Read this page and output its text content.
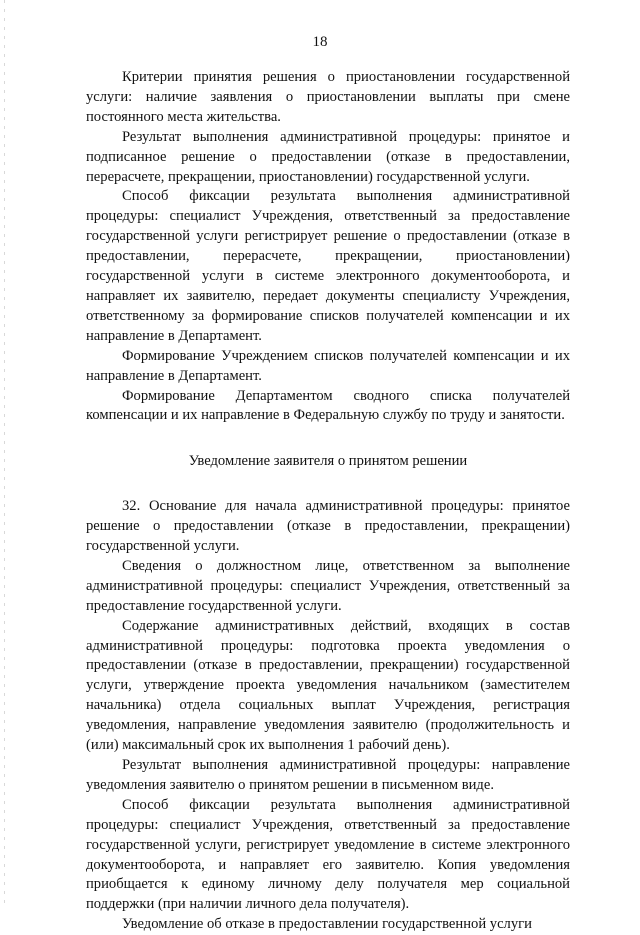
18

Критерии принятия решения о приостановлении государственной услуги: наличие заявления о приостановлении выплаты при смене постоянного места жительства.

Результат выполнения административной процедуры: принятое и подписанное решение о предоставлении (отказе в предоставлении, перерасчете, прекращении, приостановлении) государственной услуги.

Способ фиксации результата выполнения административной процедуры: специалист Учреждения, ответственный за предоставление государственной услуги регистрирует решение о предоставлении (отказе в предоставлении, перерасчете, прекращении, приостановлении) государственной услуги в системе электронного документооборота, и направляет их заявителю, передает документы специалисту Учреждения, ответственному за формирование списков получателей компенсации и их направление в Департамент.

Формирование Учреждением списков получателей компенсации и их направление в Департамент.

Формирование Департаментом сводного списка получателей компенсации и их направление в Федеральную службу по труду и занятости.

Уведомление заявителя о принятом решении

32. Основание для начала административной процедуры: принятое решение о предоставлении (отказе в предоставлении, прекращении) государственной услуги.

Сведения о должностном лице, ответственном за выполнение административной процедуры: специалист Учреждения, ответственный за предоставление государственной услуги.

Содержание административных действий, входящих в состав административной процедуры: подготовка проекта уведомления о предоставлении (отказе в предоставлении, прекращении) государственной услуги, утверждение проекта уведомления начальником (заместителем начальника) отдела социальных выплат Учреждения, регистрация уведомления, направление уведомления заявителю (продолжительность и (или) максимальный срок их выполнения 1 рабочий день).

Результат выполнения административной процедуры: направление уведомления заявителю о принятом решении в письменном виде.

Способ фиксации результата выполнения административной процедуры: специалист Учреждения, ответственный за предоставление государственной услуги, регистрирует уведомление в системе электронного документооборота, и направляет его заявителю. Копия уведомления приобщается к единому личному делу получателя мер социальной поддержки (при наличии личного дела получателя).

Уведомление об отказе в предоставлении государственной услуги
